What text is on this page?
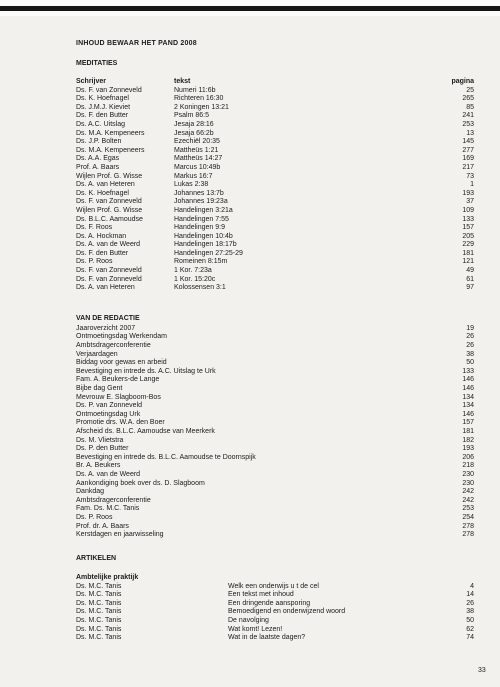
INHOUD BEWAAR HET PAND 2008
MEDITATIES
Schrijver	tekst	pagina
Ds. F. van Zonneveld	Numeri 11:6b	25
Ds. K. Hoefnagel	Richteren 16:30	265
Ds. J.M.J. Kieviet	2 Koningen 13:21	85
Ds. F. den Butter	Psalm 86:5	241
Ds. A.C. Uitslag	Jesaja 28:16	253
Ds. M.A. Kempeneers	Jesaja 66:2b	13
Ds. J.P. Bolten	Ezechiël 20:35	145
Ds. M.A. Kempeneers	Mattheüs 1:21	277
Ds. A.A. Egas	Mattheüs 14:27	169
Prof. A. Baars	Marcus 10:49b	217
Wijlen Prof. G. Wisse	Markus 16:7	73
Ds. A. van Heteren	Lukas 2:38	1
Ds. K. Hoefnagel	Johannes 13:7b	193
Ds. F. van Zonneveld	Johannes 19:23a	37
Wijlen Prof. G. Wisse	Handelingen 3:21a	109
Ds. B.L.C. Aamoudse	Handelingen 7:55	133
Ds. F. Roos	Handelingen 9:9	157
Ds. A. Hockman	Handelingen 10:4b	205
Ds. A. van de Weerd	Handelingen 18:17b	229
Ds. F. den Butter	Handelingen 27:25-29	181
Ds. P. Roos	Romeinen 8:15m	121
Ds. F. van Zonneveld	1 Kor. 7:23a	49
Ds. F. van Zonneveld	1 Kor. 15:20c	61
Ds. A. van Heteren	Kolossensen 3:1	97
VAN DE REDACTIE
Jaaroverzicht 2007	19
Ontmoetingsdag Werkendam	26
Ambtsdragerconferentie	26
Verjaardagen	38
Biddag voor gewas en arbeid	50
Bevestiging en intrede ds. A.C. Uitslag te Urk	133
Fam. A. Beukers-de Lange	146
Bijbe dag Gent	146
Mevrouw E. Slagboom-Bos	134
Ds. P. van Zonneveld	134
Ontmoetingsdag Urk	146
Promotie drs. W.A. den Boer	157
Afscheid ds. B.L.C. Aamoudse van Meerkerk	181
Ds. M. Vlietstra	182
Ds. P. den Butter	193
Bevestiging en intrede ds. B.L.C. Aamoudse te Doornspijk	206
Br. A. Beukers	218
Ds. A. van de Weerd	230
Aankondiging boek over ds. D. Slagboom	230
Dankdag	242
Ambtsdragerconferentie	242
Fam. Ds. M.C. Tanis	253
Ds. P. Roos	254
Prof. dr. A. Baars	278
Kerstdagen en jaarwisseling	278
ARTIKELEN
Ambtelijke praktijk
Ds. M.C. Tanis	Welk een onderwijs u t de cel	4
Ds. M.C. Tanis	Een tekst met inhoud	14
Ds. M.C. Tanis	Een dringende aansporing	26
Ds. M.C. Tanis	Bemoedigend en onderwijzend woord	38
Ds. M.C. Tanis	De navolging	50
Ds. M.C. Tanis	Wat komt! Lezen!	62
Ds. M.C. Tanis	Wat in de laatste dagen?	74
33
